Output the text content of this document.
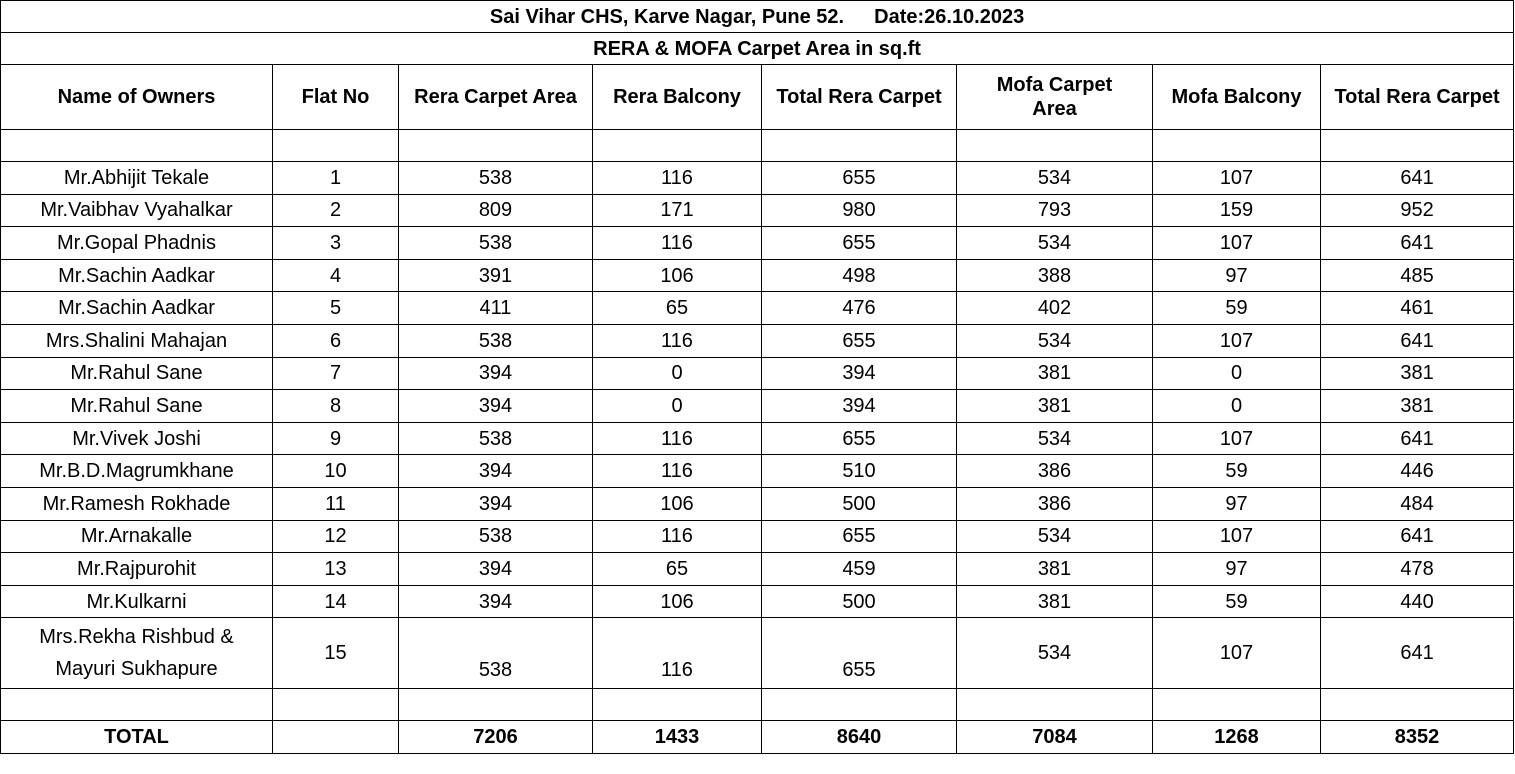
Sai Vihar CHS, Karve Nagar, Pune 52. Date:26.10.2023							
RERA & MOFA Carpet Area in sq.ft							
Name of Owners	Flat No	Rera Carpet Area	Rera Balcony	Total Rera Carpet	Mofa Carpet Area	Mofa Balcony	Total Rera Carpet

Mr.Abhijit Tekale	1	538	116	655	534	107	641
Mr.Vaibhav Vyahalkar	2	809	171	980	793	159	952
Mr.Gopal Phadnis	3	538	116	655	534	107	641
Mr.Sachin Aadkar	4	391	106	498	388	97	485
Mr.Sachin Aadkar	5	411	65	476	402	59	461
Mrs.Shalini Mahajan	6	538	116	655	534	107	641
Mr.Rahul Sane	7	394	0	394	381	0	381
Mr.Rahul Sane	8	394	0	394	381	0	381
Mr.Vivek Joshi	9	538	116	655	534	107	641
Mr.B.D.Magrumkhane	10	394	116	510	386	59	446
Mr.Ramesh Rokhade	11	394	106	500	386	97	484
Mr.Arnakalle	12	538	116	655	534	107	641
Mr.Rajpurohit	13	394	65	459	381	97	478
Mr.Kulkarni	14	394	106	500	381	59	440
Mrs.Rekha Rishbud &
Mayuri Sukhapure	15	538	116	655	534	107	641

TOTAL		7206	1433	8640	7084	1268	8352
